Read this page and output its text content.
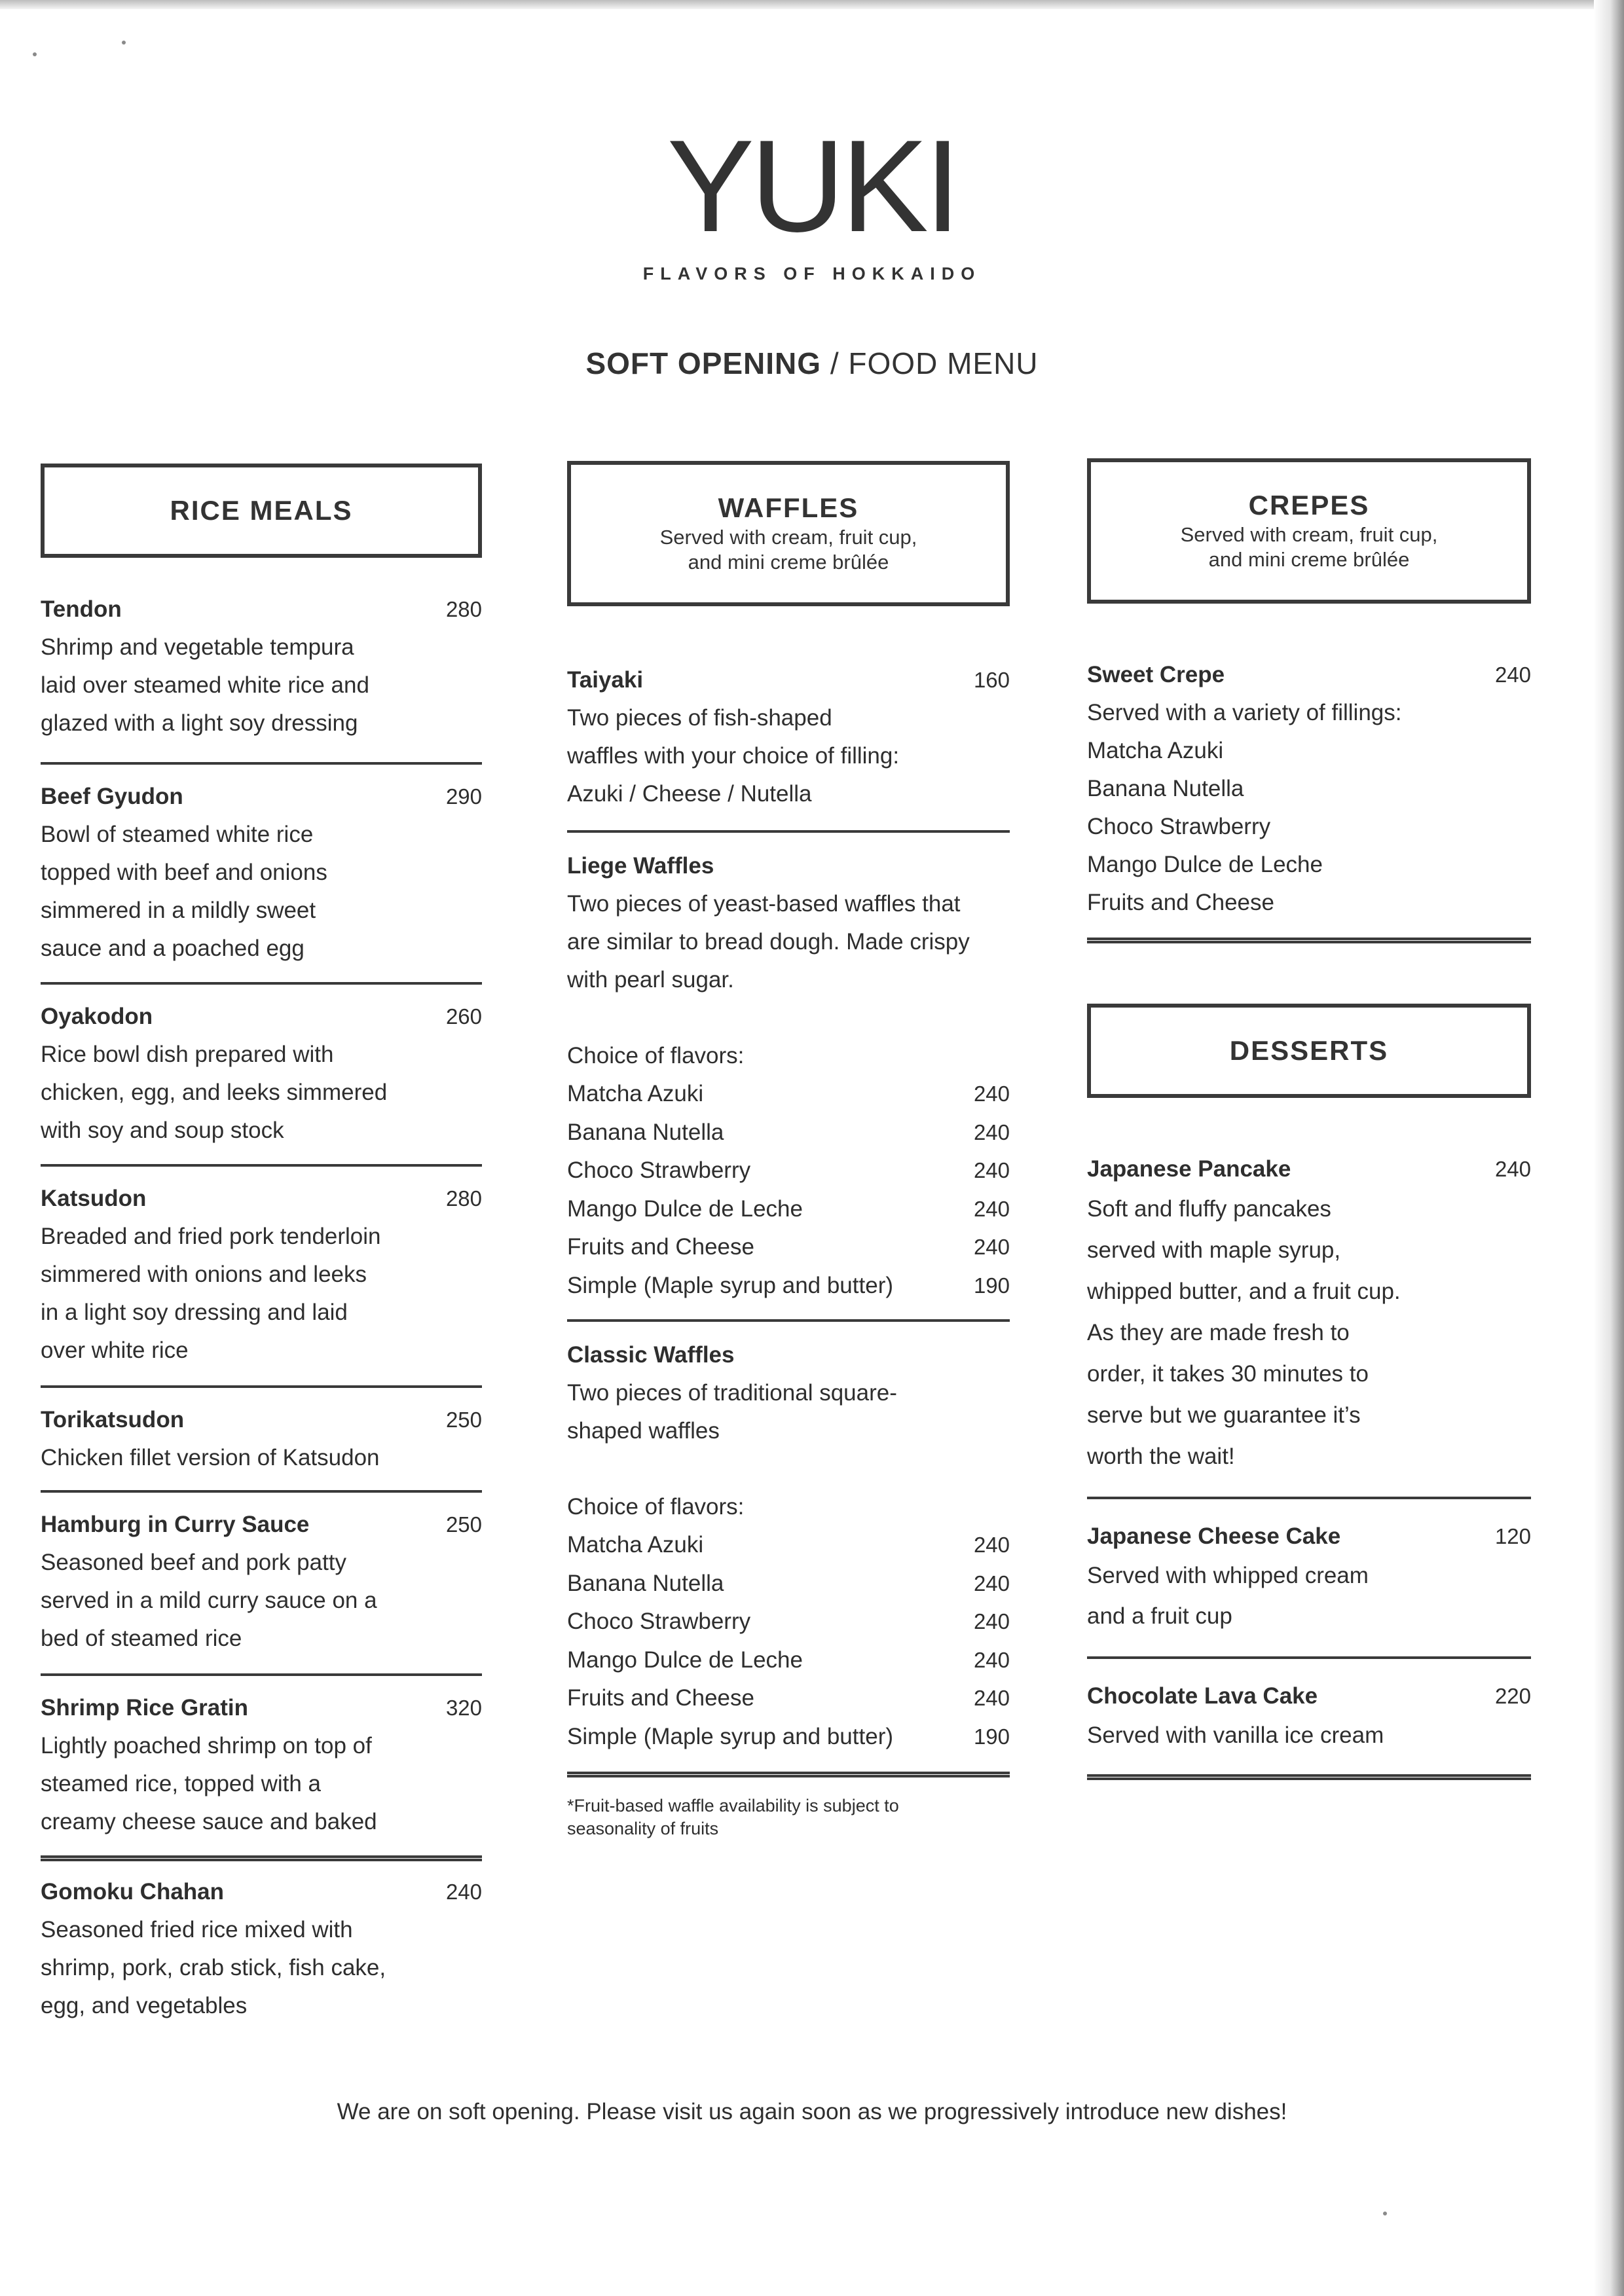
YUKI
FLAVORS OF HOKKAIDO
SOFT OPENING / FOOD MENU
RICE MEALS
Tendon	280
Shrimp and vegetable tempura
laid over steamed white rice and
glazed with a light soy dressing
Beef Gyudon	290
Bowl of steamed white rice
topped with beef and onions
simmered in a mildly sweet
sauce and a poached egg
Oyakodon	260
Rice bowl dish prepared with
chicken, egg, and leeks simmered
with soy and soup stock
Katsudon	280
Breaded and fried pork tenderloin
simmered with onions and leeks
in a light soy dressing and laid
over white rice
Torikatsudon	250
Chicken fillet version of Katsudon
Hamburg in Curry Sauce	250
Seasoned beef and pork patty
served in a mild curry sauce on a
bed of steamed rice
Shrimp Rice Gratin	320
Lightly poached shrimp on top of
steamed rice, topped with a
creamy cheese sauce and baked
Gomoku Chahan	240
Seasoned fried rice mixed with
shrimp, pork, crab stick, fish cake,
egg, and vegetables
WAFFLES
Served with cream, fruit cup,
and mini creme brûlée
Taiyaki	160
Two pieces of fish-shaped
waffles with your choice of filling:
Azuki / Cheese / Nutella
Liege Waffles
Two pieces of yeast-based waffles that
are similar to bread dough. Made crispy
with pearl sugar.
Choice of flavors:
Matcha Azuki	240
Banana Nutella	240
Choco Strawberry	240
Mango Dulce de Leche	240
Fruits and Cheese	240
Simple (Maple syrup and butter)	190
Classic Waffles
Two pieces of traditional square-
shaped waffles
Choice of flavors:
Matcha Azuki	240
Banana Nutella	240
Choco Strawberry	240
Mango Dulce de Leche	240
Fruits and Cheese	240
Simple (Maple syrup and butter)	190
*Fruit-based waffle availability is subject to
seasonality of fruits
CREPES
Served with cream, fruit cup,
and mini creme brûlée
Sweet Crepe	240
Served with a variety of fillings:
Matcha Azuki
Banana Nutella
Choco Strawberry
Mango Dulce de Leche
Fruits and Cheese
DESSERTS
Japanese Pancake	240
Soft and fluffy pancakes
served with maple syrup,
whipped butter, and a fruit cup.
As they are made fresh to
order, it takes 30 minutes to
serve but we guarantee it’s
worth the wait!
Japanese Cheese Cake	120
Served with whipped cream
and a fruit cup
Chocolate Lava Cake	220
Served with vanilla ice cream
We are on soft opening. Please visit us again soon as we progressively introduce new dishes!
